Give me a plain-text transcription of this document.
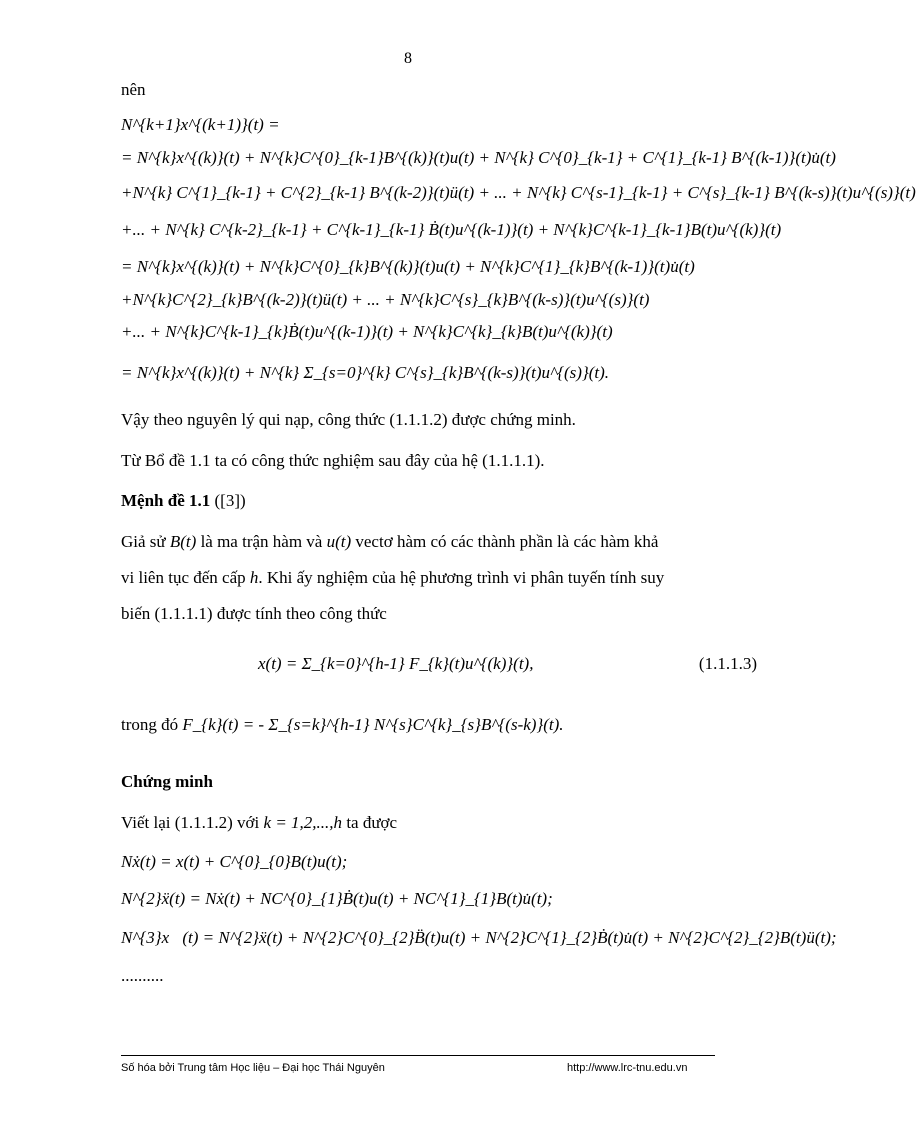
8
nên
N^{k+1}x^{(k+1)}(t) =
= N^{k}x^{(k)}(t) + N^{k}C^{0}_{k-1}B^{(k)}(t)u(t) + N^{k} C^{0}_{k-1} + C^{1}_{k-1} B^{(k-1)}(t)u̇(t)
+N^{k} C^{1}_{k-1} + C^{2}_{k-1} B^{(k-2)}(t)ü(t) + ... + N^{k} C^{s-1}_{k-1} + C^{s}_{k-1} B^{(k-s)}(t)u^{(s)}(t)
+... + N^{k} C^{k-2}_{k-1} + C^{k-1}_{k-1} Ḃ(t)u^{(k-1)}(t) + N^{k}C^{k-1}_{k-1}B(t)u^{(k)}(t)
= N^{k}x^{(k)}(t) + N^{k}C^{0}_{k}B^{(k)}(t)u(t) + N^{k}C^{1}_{k}B^{(k-1)}(t)u̇(t)
+N^{k}C^{2}_{k}B^{(k-2)}(t)ü(t) + ... + N^{k}C^{s}_{k}B^{(k-s)}(t)u^{(s)}(t)
+... + N^{k}C^{k-1}_{k}Ḃ(t)u^{(k-1)}(t) + N^{k}C^{k}_{k}B(t)u^{(k)}(t)
= N^{k}x^{(k)}(t) + N^{k} Σ_{s=0}^{k} C^{s}_{k}B^{(k-s)}(t)u^{(s)}(t).
Vậy theo nguyên lý qui nạp, công thức (1.1.1.2) được chứng minh.
Từ Bổ đề 1.1 ta có công thức nghiệm sau đây của hệ (1.1.1.1).
Mệnh đề 1.1 ([3])
Giả sử B(t) là ma trận hàm và u(t) vectơ hàm có các thành phần là các hàm khả
vi liên tục đến cấp h. Khi ấy nghiệm của hệ phương trình vi phân tuyến tính suy
biến (1.1.1.1) được tính theo công thức
x(t) = Σ_{k=0}^{h-1} F_{k}(t)u^{(k)}(t),	(1.1.1.3)
trong đó F_{k}(t) = - Σ_{s=k}^{h-1} N^{s}C^{k}_{s}B^{(s-k)}(t).
Chứng minh
Viết lại (1.1.1.2) với k = 1,2,...,h ta được
Nẋ(t) = x(t) + C^{0}_{0}B(t)u(t);
N^{2}ẍ(t) = Nẋ(t) + NC^{0}_{1}Ḃ(t)u(t) + NC^{1}_{1}B(t)u̇(t);
N^{3}x⃛(t) = N^{2}ẍ(t) + N^{2}C^{0}_{2}B̈(t)u(t) + N^{2}C^{1}_{2}Ḃ(t)u̇(t) + N^{2}C^{2}_{2}B(t)ü(t);
..........
Số hóa bởi Trung tâm Học liệu – Đại học Thái Nguyên	http://www.lrc-tnu.edu.vn
